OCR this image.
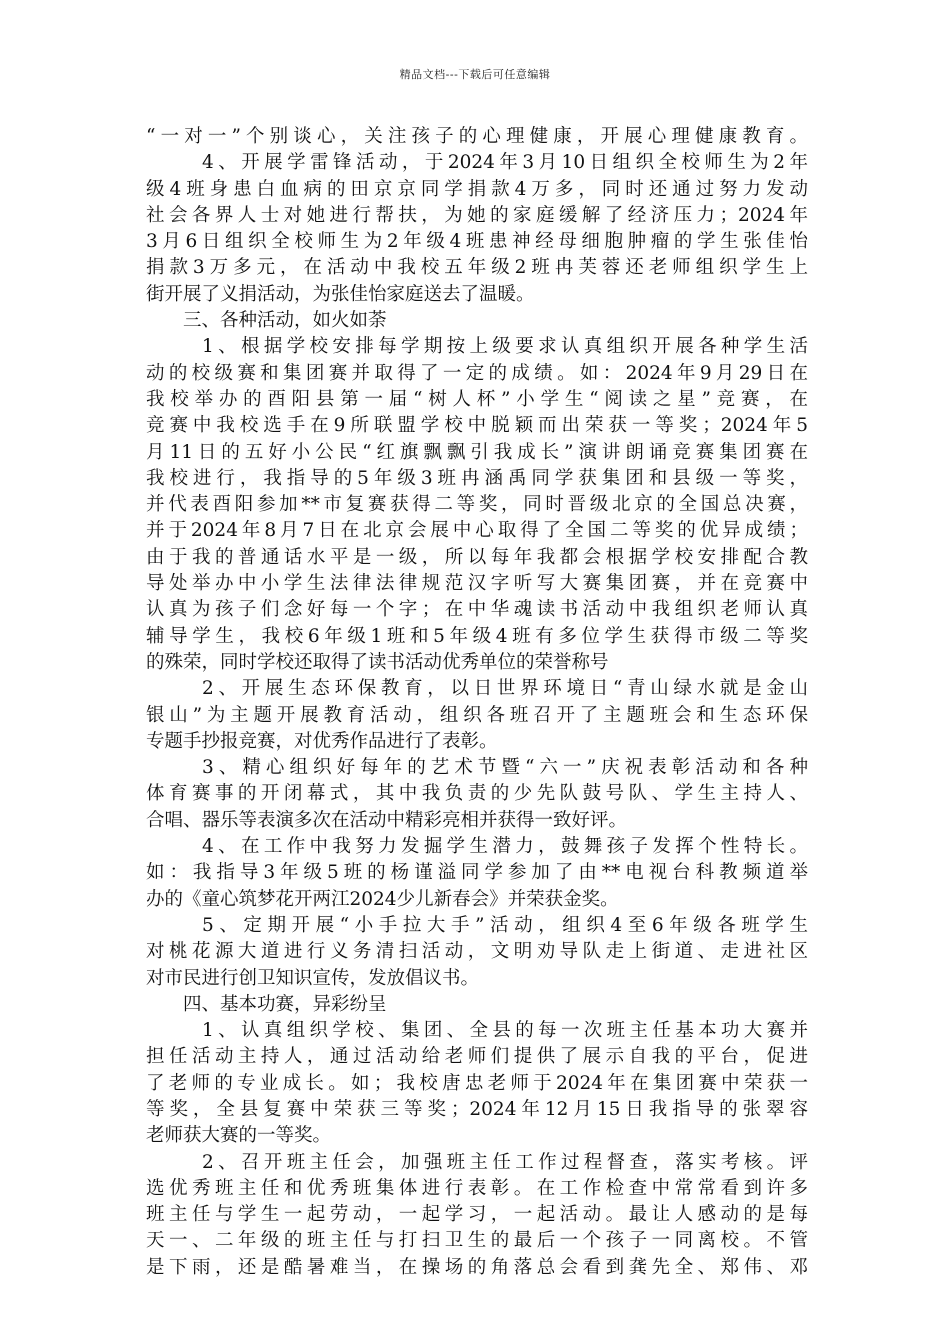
精品文档---下载后可任意编辑
“一对一”个别谈心，关注孩子的心理健康，开展心理健康教育。
4、开展学雷锋活动，于2024年3月10日组织全校师生为2年
级4班身患白血病的田京京同学捐款4万多，同时还通过努力发动
社会各界人士对她进行帮扶，为她的家庭缓解了经济压力；2024年
3月6日组织全校师生为2年级4班患神经母细胞肿瘤的学生张佳怡
捐款3万多元，在活动中我校五年级2班冉芙蓉还老师组织学生上
街开展了义捐活动，为张佳怡家庭送去了温暖。
三、各种活动，如火如荼
1、根据学校安排每学期按上级要求认真组织开展各种学生活
动的校级赛和集团赛并取得了一定的成绩。如：2024年9月29日在
我校举办的酉阳县第一届“树人杯”小学生“阅读之星”竞赛，在
竞赛中我校选手在9所联盟学校中脱颖而出荣获一等奖；2024年5
月11日的五好小公民“红旗飘飘引我成长”演讲朗诵竞赛集团赛在
我校进行，我指导的5年级3班冉涵禹同学获集团和县级一等奖，
并代表酉阳参加**市复赛获得二等奖，同时晋级北京的全国总决赛，
并于2024年8月7日在北京会展中心取得了全国二等奖的优异成绩；
由于我的普通话水平是一级，所以每年我都会根据学校安排配合教
导处举办中小学生法律法律规范汉字听写大赛集团赛，并在竞赛中
认真为孩子们念好每一个字；在中华魂读书活动中我组织老师认真
辅导学生，我校6年级1班和5年级4班有多位学生获得市级二等奖
的殊荣，同时学校还取得了读书活动优秀单位的荣誉称号
2、开展生态环保教育，以日世界环境日“青山绿水就是金山
银山”为主题开展教育活动，组织各班召开了主题班会和生态环保
专题手抄报竞赛，对优秀作品进行了表彰。
3、精心组织好每年的艺术节暨“六一”庆祝表彰活动和各种
体育赛事的开闭幕式，其中我负责的少先队鼓号队、学生主持人、
合唱、器乐等表演多次在活动中精彩亮相并获得一致好评。
4、在工作中我努力发掘学生潜力，鼓舞孩子发挥个性特长。
如：我指导3年级5班的杨谨溢同学参加了由**电视台科教频道举
办的《童心筑梦花开两江2024少儿新春会》并荣获金奖。
5、定期开展“小手拉大手”活动，组织4至6年级各班学生
对桃花源大道进行义务清扫活动，文明劝导队走上街道、走进社区
对市民进行创卫知识宣传，发放倡议书。
四、基本功赛，异彩纷呈
1、认真组织学校、集团、全县的每一次班主任基本功大赛并
担任活动主持人，通过活动给老师们提供了展示自我的平台，促进
了老师的专业成长。如；我校唐忠老师于2024年在集团赛中荣获一
等奖，全县复赛中荣获三等奖；2024年12月15日我指导的张翠容
老师获大赛的一等奖。
2、召开班主任会，加强班主任工作过程督查，落实考核。评
选优秀班主任和优秀班集体进行表彰。在工作检查中常常看到许多
班主任与学生一起劳动，一起学习，一起活动。最让人感动的是每
天一、二年级的班主任与打扫卫生的最后一个孩子一同离校。不管
是下雨，还是酷暑难当，在操场的角落总会看到龚先全、郑伟、邓
